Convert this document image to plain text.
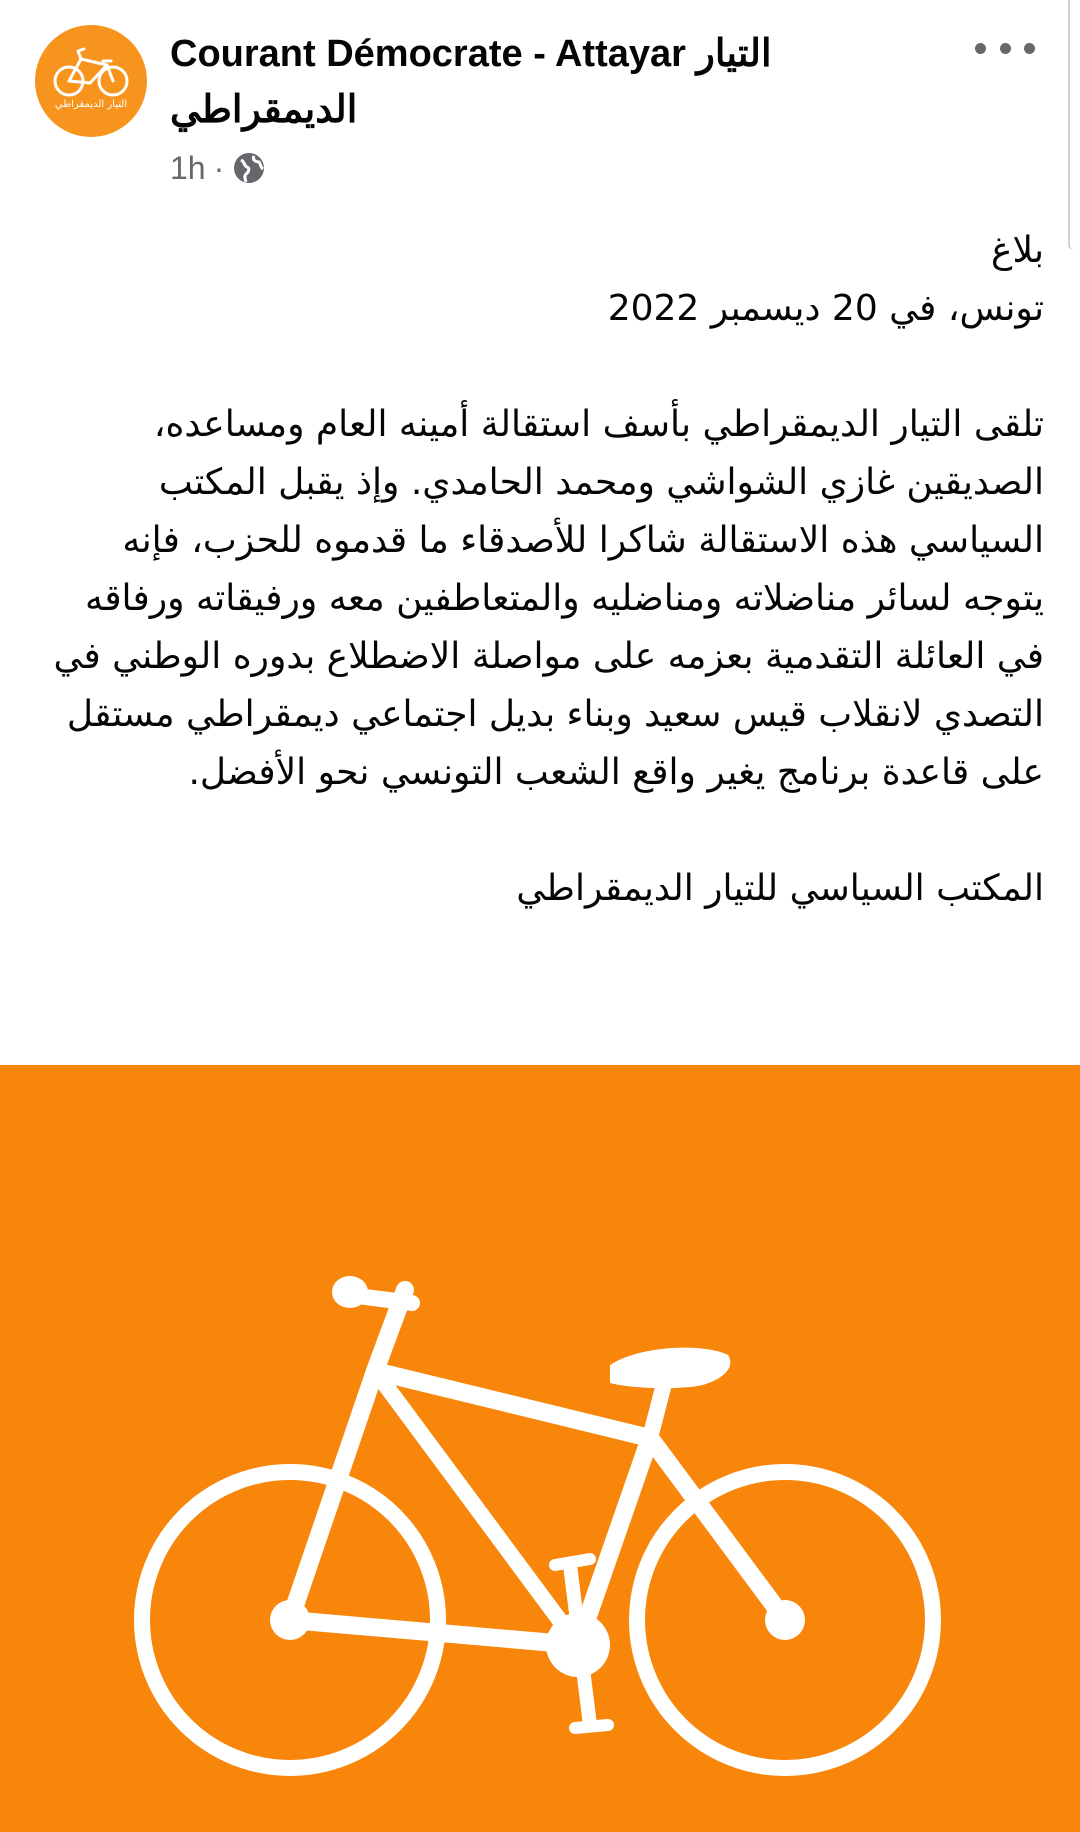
التيار الديمقراطي
Courant Démocrate - Attayar التيار الديمقراطي
1h ·

بلاغ

تونس، في 20 ديسمبر 2022

تلقى التيار الديمقراطي بأسف استقالة أمينه العام ومساعده، الصديقين غازي الشواشي ومحمد الحامدي. وإذ يقبل المكتب السياسي هذه الاستقالة شاكرا للأصدقاء ما قدموه للحزب، فإنه يتوجه لسائر مناضلاته ومناضليه والمتعاطفين معه ورفيقاته ورفاقه في العائلة التقدمية بعزمه على مواصلة الاضطلاع بدوره الوطني في التصدي لانقلاب قيس سعيد وبناء بديل اجتماعي ديمقراطي مستقل على قاعدة برنامج يغير واقع الشعب التونسي نحو الأفضل.

المكتب السياسي للتيار الديمقراطي
